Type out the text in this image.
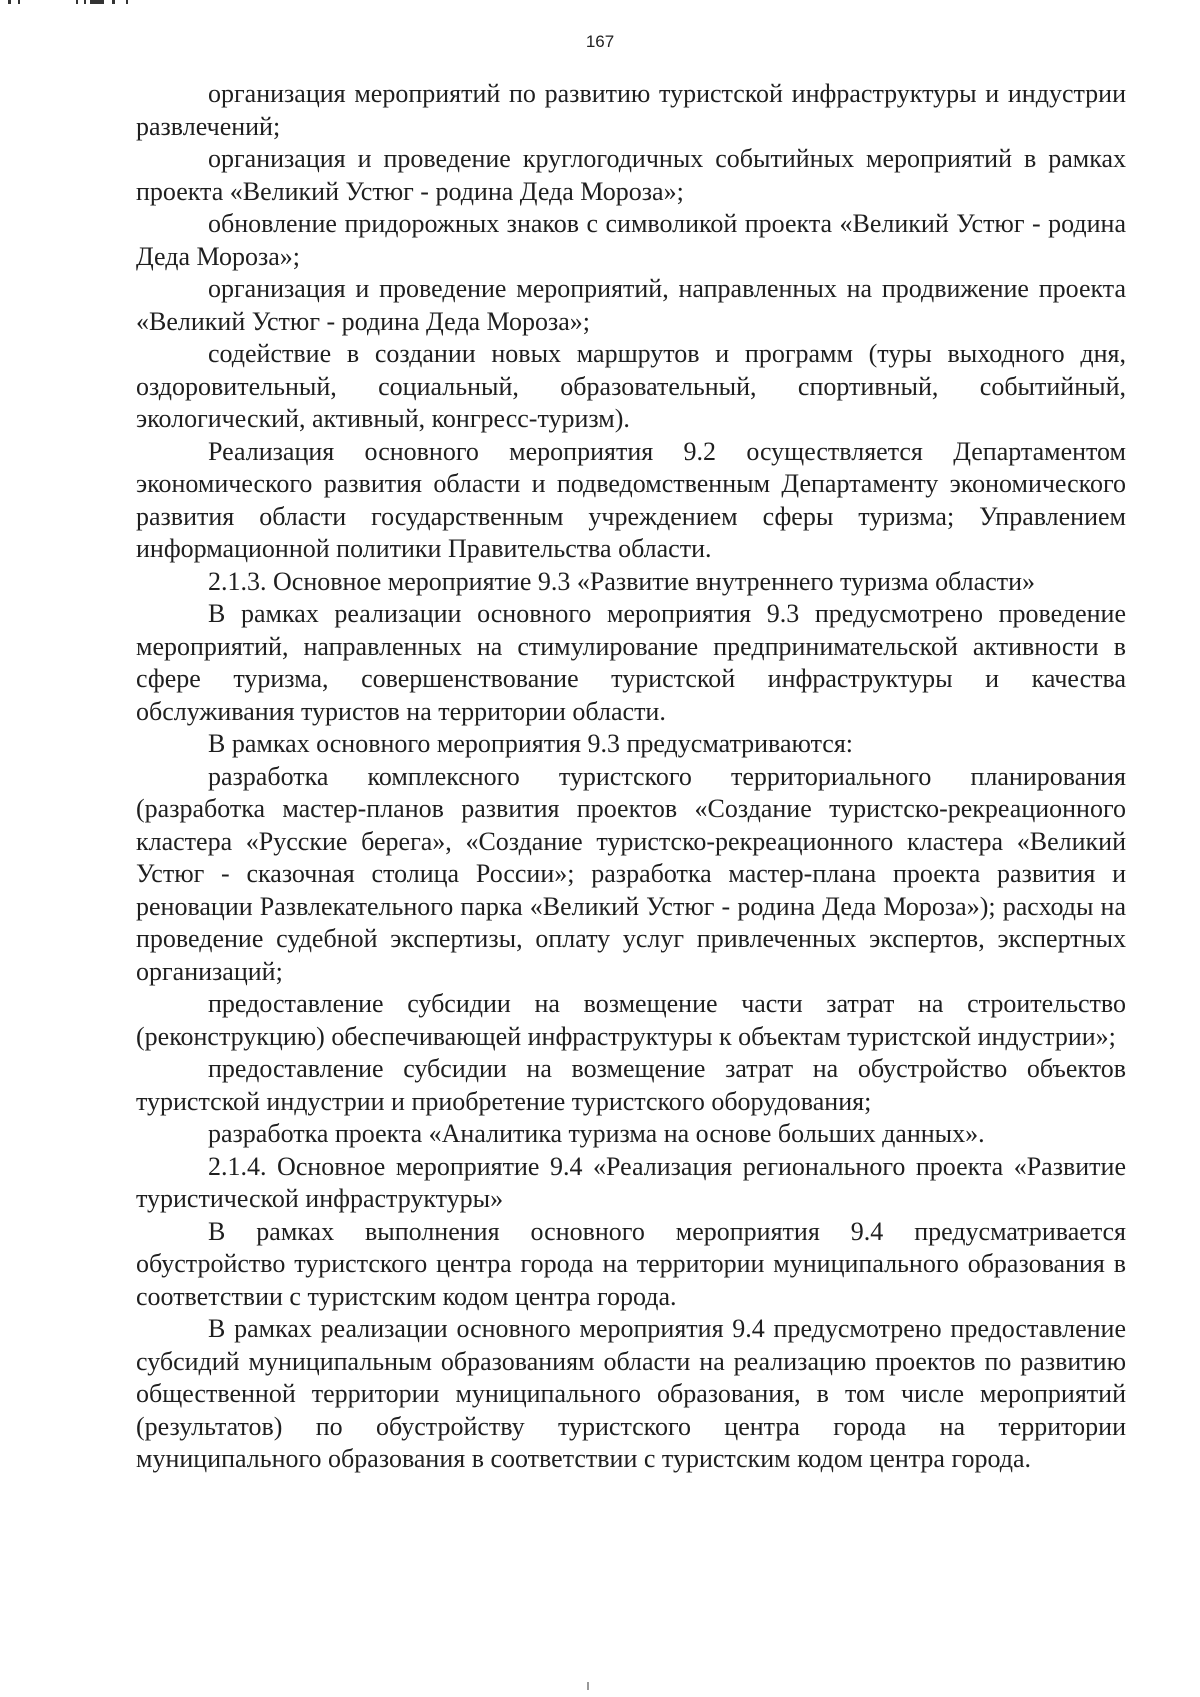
167

организация мероприятий по развитию туристской инфраструктуры и индустрии развлечений;

организация и проведение круглогодичных событийных мероприятий в рамках проекта «Великий Устюг - родина Деда Мороза»;

обновление придорожных знаков с символикой проекта «Великий Устюг - родина Деда Мороза»;

организация и проведение мероприятий, направленных на продвижение проекта «Великий Устюг - родина Деда Мороза»;

содействие в создании новых маршрутов и программ (туры выходного дня, оздоровительный, социальный, образовательный, спортивный, событийный, экологический, активный, конгресс-туризм).

Реализация основного мероприятия 9.2 осуществляется Департаментом экономического развития области и подведомственным Департаменту экономического развития области государственным учреждением сферы туризма; Управлением информационной политики Правительства области.

2.1.3. Основное мероприятие 9.3 «Развитие внутреннего туризма области»

В рамках реализации основного мероприятия 9.3 предусмотрено проведение мероприятий, направленных на стимулирование предпринимательской активности в сфере туризма, совершенствование туристской инфраструктуры и качества обслуживания туристов на территории области.

В рамках основного мероприятия 9.3 предусматриваются:

разработка комплексного туристского территориального планирования (разработка мастер-планов развития проектов «Создание туристско-рекреационного кластера «Русские берега», «Создание туристско-рекреационного кластера «Великий Устюг - сказочная столица России»; разработка мастер-плана проекта развития и реновации Развлекательного парка «Великий Устюг - родина Деда Мороза»); расходы на проведение судебной экспертизы, оплату услуг привлеченных экспертов, экспертных организаций;

предоставление субсидии на возмещение части затрат на строительство (реконструкцию) обеспечивающей инфраструктуры к объектам туристской индустрии»;

предоставление субсидии на возмещение затрат на обустройство объектов туристской индустрии и приобретение туристского оборудования;

разработка проекта «Аналитика туризма на основе больших данных».

2.1.4. Основное мероприятие 9.4 «Реализация регионального проекта «Развитие туристической инфраструктуры»

В рамках выполнения основного мероприятия 9.4 предусматривается обустройство туристского центра города на территории муниципального образования в соответствии с туристским кодом центра города.

В рамках реализации основного мероприятия 9.4 предусмотрено предоставление субсидий муниципальным образованиям области на реализацию проектов по развитию общественной территории муниципального образования, в том числе мероприятий (результатов) по обустройству туристского центра города на территории муниципального образования в соответствии с туристским кодом центра города.
